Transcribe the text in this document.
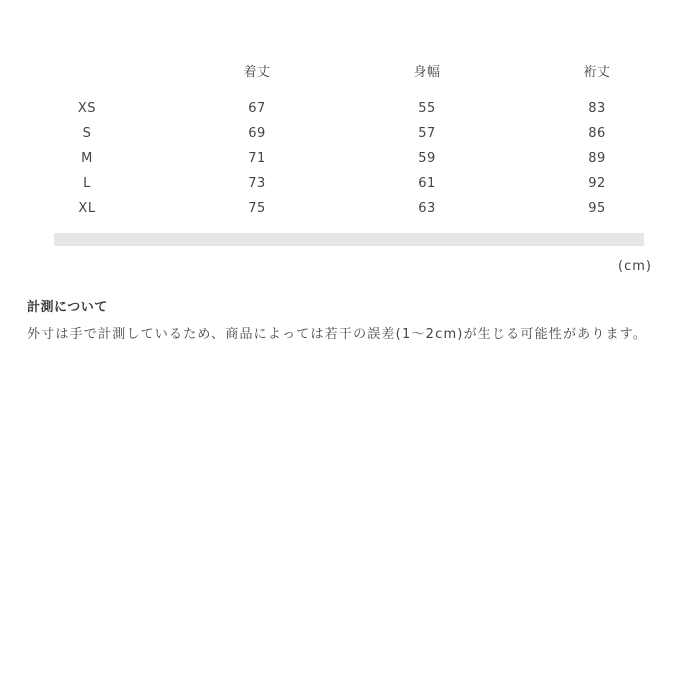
	着丈	身幅	裄丈

XS	67	55	83
S	69	57	86
M	71	59	89
L	73	61	92
XL	75	63	95
(cm)
計測について
外寸は手で計測しているため、商品によっては若干の誤差(1〜2cm)が生じる可能性があります。
